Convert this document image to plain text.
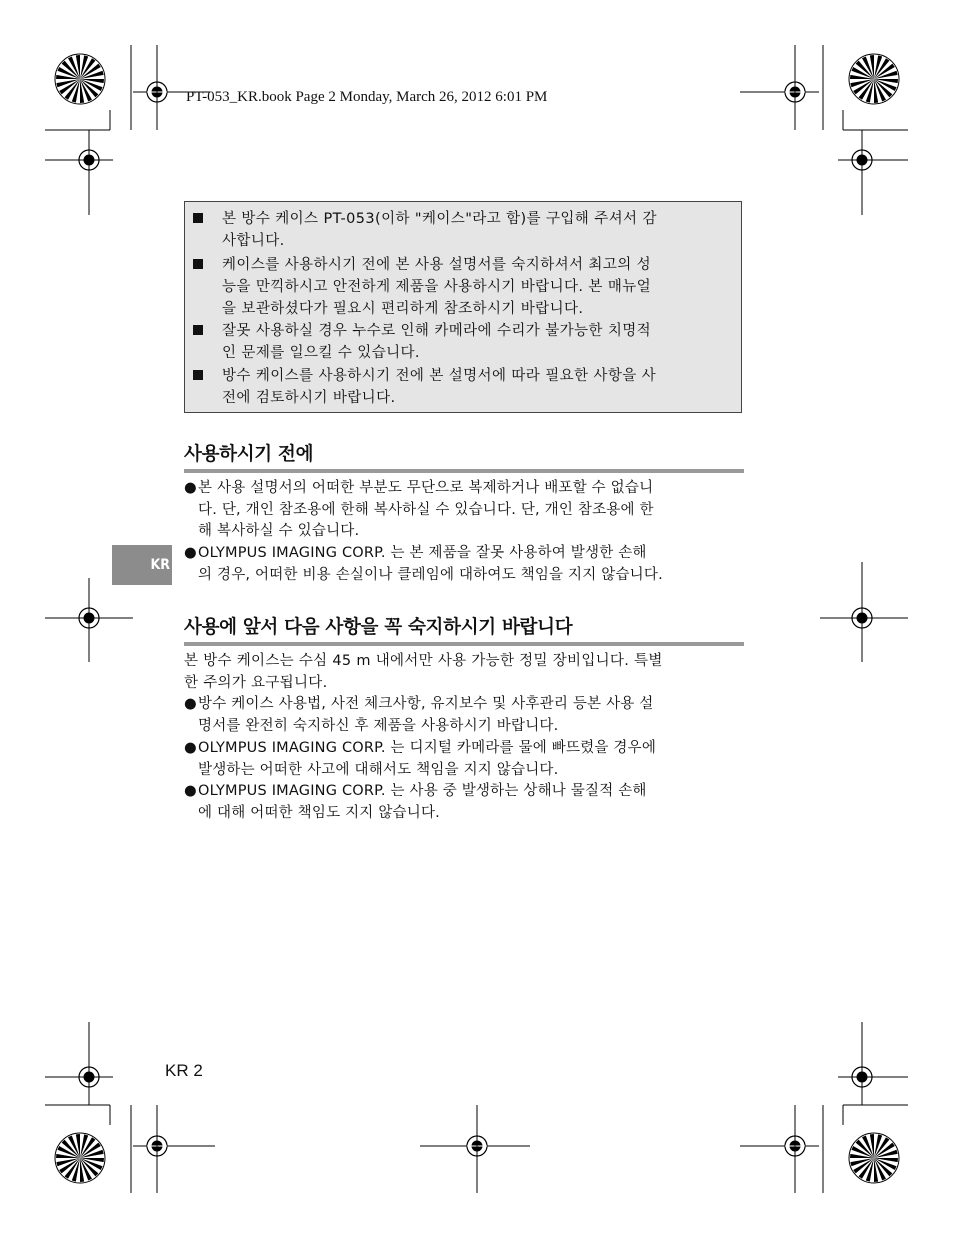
PT-053_KR.book Page 2 Monday, March 26, 2012 6:01 PM
본 방수 케이스 PT-053(이하 "케이스"라고 함)를 구입해 주셔서 감
사합니다.
케이스를 사용하시기 전에 본 사용 설명서를 숙지하셔서 최고의 성
능을 만끽하시고 안전하게 제품을 사용하시기 바랍니다. 본 매뉴얼
을 보관하셨다가 필요시 편리하게 참조하시기 바랍니다.
잘못 사용하실 경우 누수로 인해 카메라에 수리가 불가능한 치명적
인 문제를 일으킬 수 있습니다.
방수 케이스를 사용하시기 전에 본 설명서에 따라 필요한 사항을 사
전에 검토하시기 바랍니다.
사용하시기 전에
● 본 사용 설명서의 어떠한 부분도 무단으로 복제하거나 배포할 수 없습니
다. 단, 개인 참조용에 한해 복사하실 수 있습니다. 단, 개인 참조용에 한
해 복사하실 수 있습니다.
● OLYMPUS IMAGING CORP. 는 본 제품을 잘못 사용하여 발생한 손해
의 경우, 어떠한 비용 손실이나 클레임에 대하여도 책임을 지지 않습니다.
KR
사용에 앞서 다음 사항을 꼭 숙지하시기 바랍니다
본 방수 케이스는 수심 45 m 내에서만 사용 가능한 정밀 장비입니다. 특별
한 주의가 요구됩니다.
● 방수 케이스 사용법, 사전 체크사항, 유지보수 및 사후관리 등본 사용 설
명서를 완전히 숙지하신 후 제품을 사용하시기 바랍니다.
● OLYMPUS IMAGING CORP. 는 디지털 카메라를 물에 빠뜨렸을 경우에
발생하는 어떠한 사고에 대해서도 책임을 지지 않습니다.
● OLYMPUS IMAGING CORP. 는 사용 중 발생하는 상해나 물질적 손해
에 대해 어떠한 책임도 지지 않습니다.
KR 2
